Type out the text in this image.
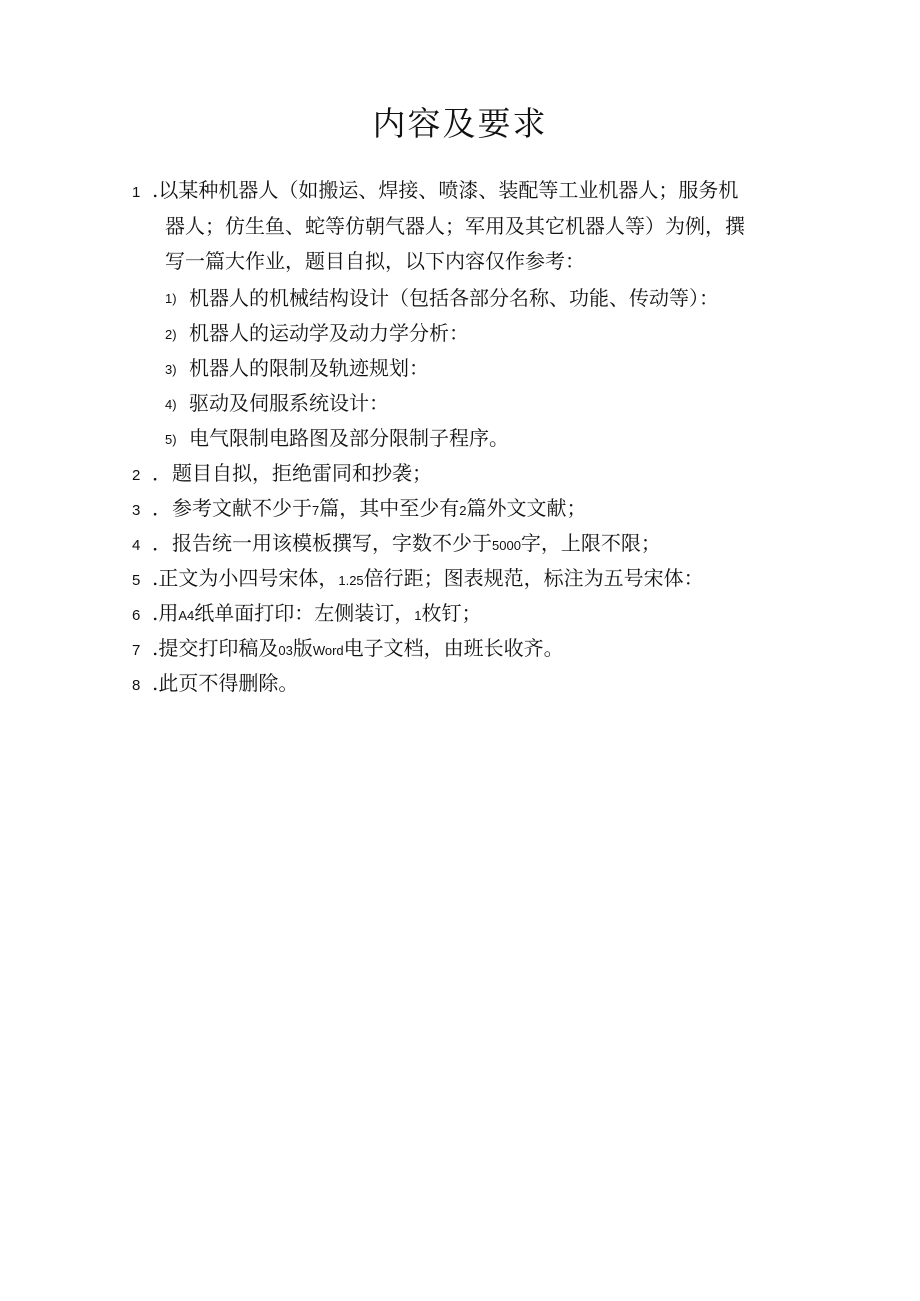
内容及要求
1 .以某种机器人（如搬运、焊接、喷漆、装配等工业机器人；服务机
器人；仿生鱼、蛇等仿朝气器人；军用及其它机器人等）为例，撰
写一篇大作业，题目自拟，以下内容仅作参考：
1) 机器人的机械结构设计（包括各部分名称、功能、传动等）：
2) 机器人的运动学及动力学分析：
3) 机器人的限制及轨迹规划：
4) 驱动及伺服系统设计：
5) 电气限制电路图及部分限制子程序。
2 ．题目自拟，拒绝雷同和抄袭；
3 ．参考文献不少于7篇，其中至少有2篇外文文献；
4 ．报告统一用该模板撰写，字数不少于5000字，上限不限；
5 .正文为小四号宋体，1.25倍行距；图表规范，标注为五号宋体：
6 .用A4纸单面打印：左侧装订，1枚钉；
7 .提交打印稿及03版Word电子文档，由班长收齐。
8 .此页不得删除。
